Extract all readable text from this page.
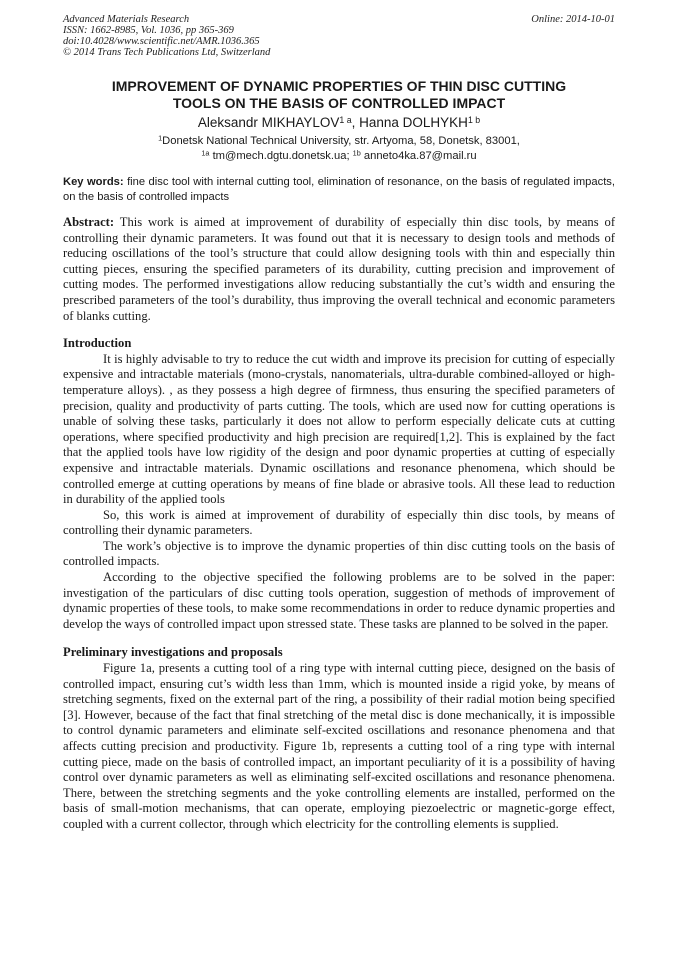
Advanced Materials Research
ISSN: 1662-8985, Vol. 1036, pp 365-369
doi:10.4028/www.scientific.net/AMR.1036.365
© 2014 Trans Tech Publications Ltd, Switzerland
Online: 2014-10-01
IMPROVEMENT OF DYNAMIC PROPERTIES OF THIN DISC CUTTING
TOOLS ON THE BASIS OF CONTROLLED IMPACT
Aleksandr $MIKHAYLOV^{1 a}$, Hanna $DOLHYKH^{1 b}$
$^1$Donetsk National Technical University, str. Artyoma, 58, Donetsk, 83001,
$^{1a}$ tm@mech.dgtu.donetsk.ua; $^{1b}$ anneto4ka.87@mail.ru
Key words: fine disc tool with internal cutting tool, elimination of resonance, on the basis of regulated impacts, on the basis of controlled impacts
Abstract: This work is aimed at improvement of durability of especially thin disc tools, by means of controlling their dynamic parameters. It was found out that it is necessary to design tools and methods of reducing oscillations of the tool’s structure that could allow designing tools with thin and especially thin cutting pieces, ensuring the specified parameters of its durability, cutting precision and improvement of cutting modes. The performed investigations allow reducing substantially the cut’s width and ensuring the prescribed parameters of the tool’s durability, thus improving the overall technical and economic parameters of blanks cutting.
Introduction

It is highly advisable to try to reduce the cut width and improve its precision for cutting of especially expensive and intractable materials (mono-crystals, nanomaterials, ultra-durable combined-alloyed or high-temperature alloys). , as they possess a high degree of firmness, thus ensuring the specified parameters of precision, quality and productivity of parts cutting. The tools, which are used now for cutting operations is unable of solving these tasks, particularly it does not allow to perform especially delicate cuts at cutting operations, where specified productivity and high precision are required[1,2]. This is explained by the fact that the applied tools have low rigidity of the design and poor dynamic properties at cutting of especially expensive and intractable materials. Dynamic oscillations and resonance phenomena, which should be controlled emerge at cutting operations by means of fine blade or abrasive tools. All these lead to reduction in durability of the applied tools

So, this work is aimed at improvement of durability of especially thin disc tools, by means of controlling their dynamic parameters.

The work’s objective is to improve the dynamic properties of thin disc cutting tools on the basis of controlled impacts.

According to the objective specified the following problems are to be solved in the paper: investigation of the particulars of disc cutting tools operation, suggestion of methods of improvement of dynamic properties of these tools, to make some recommendations in order to reduce dynamic properties and develop the ways of controlled impact upon stressed state. These tasks are planned to be solved in the paper.

Preliminary investigations and proposals

Figure 1a, presents a cutting tool of a ring type with internal cutting piece, designed on the basis of controlled impact, ensuring cut’s width less than 1mm, which is mounted inside a rigid yoke, by means of stretching segments, fixed on the external part of the ring, a possibility of their radial motion being specified [3]. However, because of the fact that final stretching of the metal disc is done mechanically, it is impossible to control dynamic parameters and eliminate self-excited oscillations and resonance phenomena and that affects cutting precision and productivity. Figure 1b, represents a cutting tool of a ring type with internal cutting piece, made on the basis of controlled impact, an important peculiarity of it is a possibility of having control over dynamic parameters as well as eliminating self-excited oscillations and resonance phenomena. There, between the stretching segments and the yoke controlling elements are installed, performed on the basis of small-motion mechanisms, that can operate, employing piezoelectric or magnetic-gorge effect, coupled with a current collector, through which electricity for the controlling elements is supplied.
